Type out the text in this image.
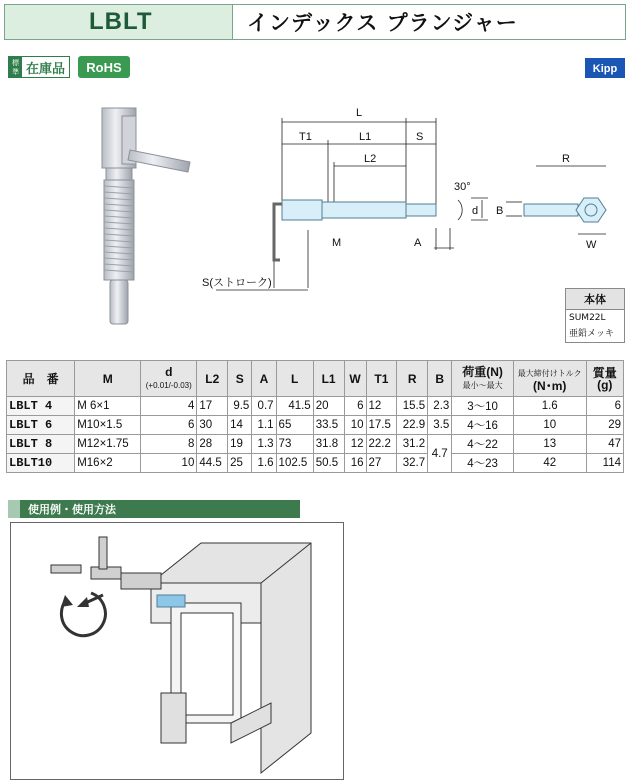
LBLT	インデックス プランジャー
標準 在庫品	RoHS	Kipp
L
T1	L1	S
L2
30°
d
M	A
S(ストローク)
R
B
W
本体
SUM22L
亜鉛メッキ
品　番	M	d
(+0.01/-0.03)	L2	S	A	L	L1	W	T1	R	B	荷重(N)
最小～最大	最大締付けトルク
(N･m)	質量
(g)
LBLT 4	M 6×1	4	17	9.5	0.7	41.5	20	6	12	15.5	2.3	3～10	1.6	6
LBLT 6	M10×1.5	6	30	14	1.1	65	33.5	10	17.5	22.9	3.5	4～16	10	29
LBLT 8	M12×1.75	8	28	19	1.3	73	31.8	12	22.2	31.2	4.7	4～22	13	47
LBLT10	M16×2	10	44.5	25	1.6	102.5	50.5	16	27	32.7		4～23	42	114
使用例・使用方法
